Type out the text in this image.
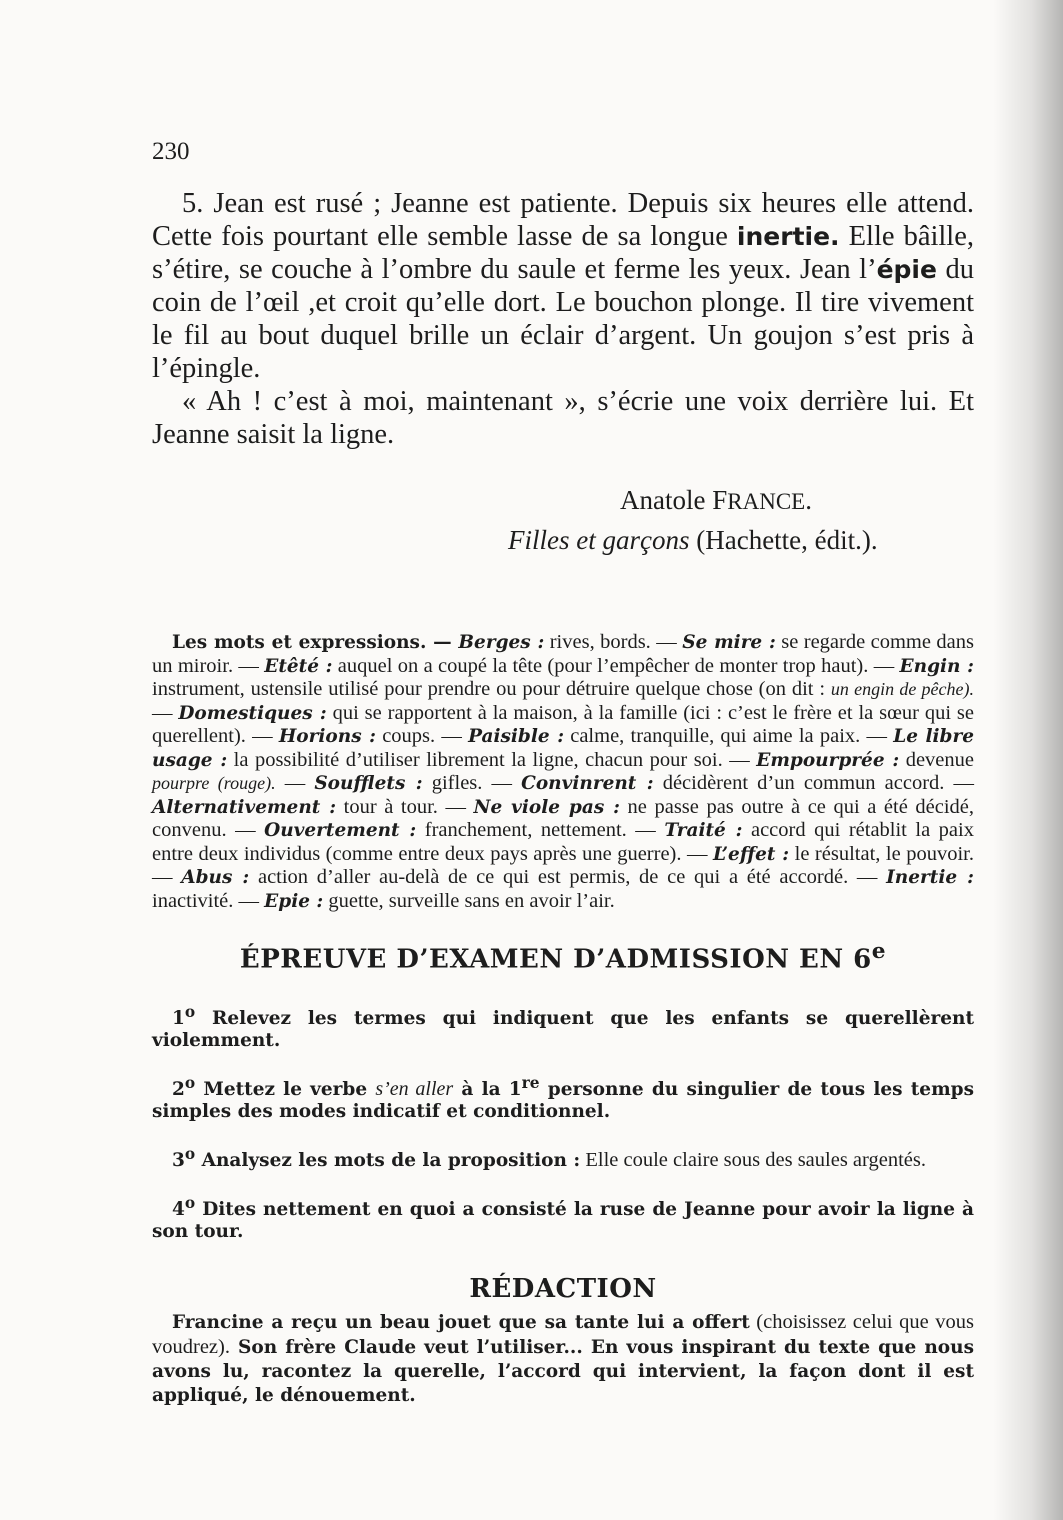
230

5. Jean est rusé ; Jeanne est patiente. Depuis six heures elle attend. Cette fois pourtant elle semble lasse de sa longue inertie. Elle bâille, s’étire, se couche à l’ombre du saule et ferme les yeux. Jean l’épie du coin de l’œil ,et croit qu’elle dort. Le bouchon plonge. Il tire vivement le fil au bout duquel brille un éclair d’argent. Un goujon s’est pris à l’épingle.

« Ah ! c’est à moi, maintenant », s’écrie une voix derrière lui. Et Jeanne saisit la ligne.

Anatole FRANCE.
Filles et garçons (Hachette, édit.).
Les mots et expressions. — Berges : rives, bords. — Se mire : se regarde comme dans un miroir. — Etêté : auquel on a coupé la tête (pour l’empêcher de monter trop haut). — Engin : instrument, ustensile utilisé pour prendre ou pour détruire quelque chose (on dit : un engin de pêche). — Domestiques : qui se rapportent à la maison, à la famille (ici : c’est le frère et la sœur qui se querellent). — Horions : coups. — Paisible : calme, tranquille, qui aime la paix. — Le libre usage : la possibilité d’utiliser librement la ligne, chacun pour soi. — Empourprée : devenue pourpre (rouge). — Soufflets : gifles. — Convinrent : décidèrent d’un commun accord. — Alternativement : tour à tour. — Ne viole pas : ne passe pas outre à ce qui a été décidé, convenu. — Ouvertement : franchement, nettement. — Traité : accord qui rétablit la paix entre deux individus (comme entre deux pays après une guerre). — L’effet : le résultat, le pouvoir. — Abus : action d’aller au-delà de ce qui est permis, de ce qui a été accordé. — Inertie : inactivité. — Epie : guette, surveille sans en avoir l’air.
ÉPREUVE D’EXAMEN D’ADMISSION EN 6e

1$^o$ Relevez les termes qui indiquent que les enfants se querellèrent violemment.

2$^o$ Mettez le verbe s’en aller à la 1re personne du singulier de tous les temps simples des modes indicatif et conditionnel.

3$^o$ Analysez les mots de la proposition : Elle coule claire sous des saules argentés.

4$^o$ Dites nettement en quoi a consisté la ruse de Jeanne pour avoir la ligne à son tour.

RÉDACTION

Francine a reçu un beau jouet que sa tante lui a offert (choisissez celui que vous voudrez). Son frère Claude veut l’utiliser... En vous inspirant du texte que nous avons lu, racontez la querelle, l’accord qui intervient, la façon dont il est appliqué, le dénouement.
